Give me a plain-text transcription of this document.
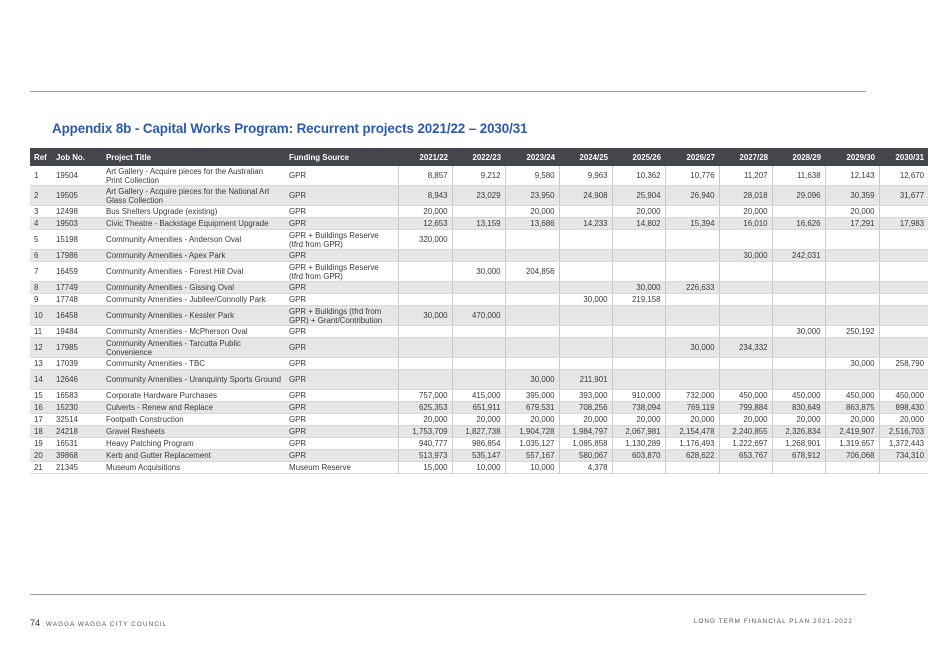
Appendix 8b - Capital Works Program: Recurrent projects 2021/22 – 2030/31
Ref	Job No.	Project Title	Funding Source	2021/22	2022/23	2023/24	2024/25	2025/26	2026/27	2027/28	2028/29	2029/30	2030/31
1	19504	Art Gallery - Acquire pieces for the Australian Print Collection	GPR	8,857	9,212	9,580	9,963	10,362	10,776	11,207	11,638	12,143	12,670
2	19505	Art Gallery - Acquire pieces for the National Art Glass Collection	GPR	8,943	23,029	23,950	24,908	25,904	26,940	28,018	29,096	30,359	31,677
3	12498	Bus Shelters Upgrade (existing)	GPR	20,000		20,000		20,000		20,000		20,000	
4	19503	Civic Theatre - Backstage Equipment Upgrade	GPR	12,653	13,159	13,686	14,233	14,802	15,394	16,010	16,626	17,291	17,983
5	15198	Community Amenities - Anderson Oval	GPR + Buildings Reserve (tfrd from GPR)	320,000									
6	17986	Community Amenities - Apex Park	GPR							30,000	242,031		
7	16459	Community Amenities - Forest Hill Oval	GPR + Buildings Reserve (tfrd from GPR)		30,000	204,856							
8	17749	Community Amenities - Gissing Oval	GPR					30,000	226,633				
9	17748	Community Amenities - Jubilee/Connolly Park	GPR				30,000	219,158					
10	16458	Community Amenities - Kessler Park	GPR + Buildings (tfrd from GPR) + Grant/Contribution	30,000	470,000								
11	19484	Community Amenities - McPherson Oval	GPR								30,000	250,192	
12	17985	Community Amenities - Tarcutta Public Convenience	GPR						30,000	234,332			
13	17039	Community Amenities - TBC	GPR									30,000	258,790
14	12646	Community Amenities - Uranquinty Sports Ground	GPR			30,000	211,901						
15	16583	Corporate Hardware Purchases	GPR	757,000	415,000	395,000	393,000	910,000	732,000	450,000	450,000	450,000	450,000
16	15230	Culverts - Renew and Replace	GPR	625,353	651,911	679,531	708,256	738,094	769,119	799,884	830,649	863,875	898,430
17	32514	Footpath Construction	GPR	20,000	20,000	20,000	20,000	20,000	20,000	20,000	20,000	20,000	20,000
18	24218	Gravel Resheets	GPR	1,753,709	1,827,738	1,904,728	1,984,797	2,067,981	2,154,478	2,240,855	2,326,834	2,419,907	2,516,703
19	16531	Heavy Patching Program	GPR	940,777	986,854	1,035,127	1,085,858	1,130,289	1,176,493	1,222,697	1,268,901	1,319,657	1,372,443
20	39868	Kerb and Gutter Replacement	GPR	513,973	535,147	557,167	580,067	603,870	628,622	653,767	678,912	706,068	734,310
21	21345	Museum Acquisitions	Museum Reserve	15,000	10,000	10,000	4,378						
74 WAGGA WAGGA CITY COUNCIL	LONG TERM FINANCIAL PLAN 2021-2022
